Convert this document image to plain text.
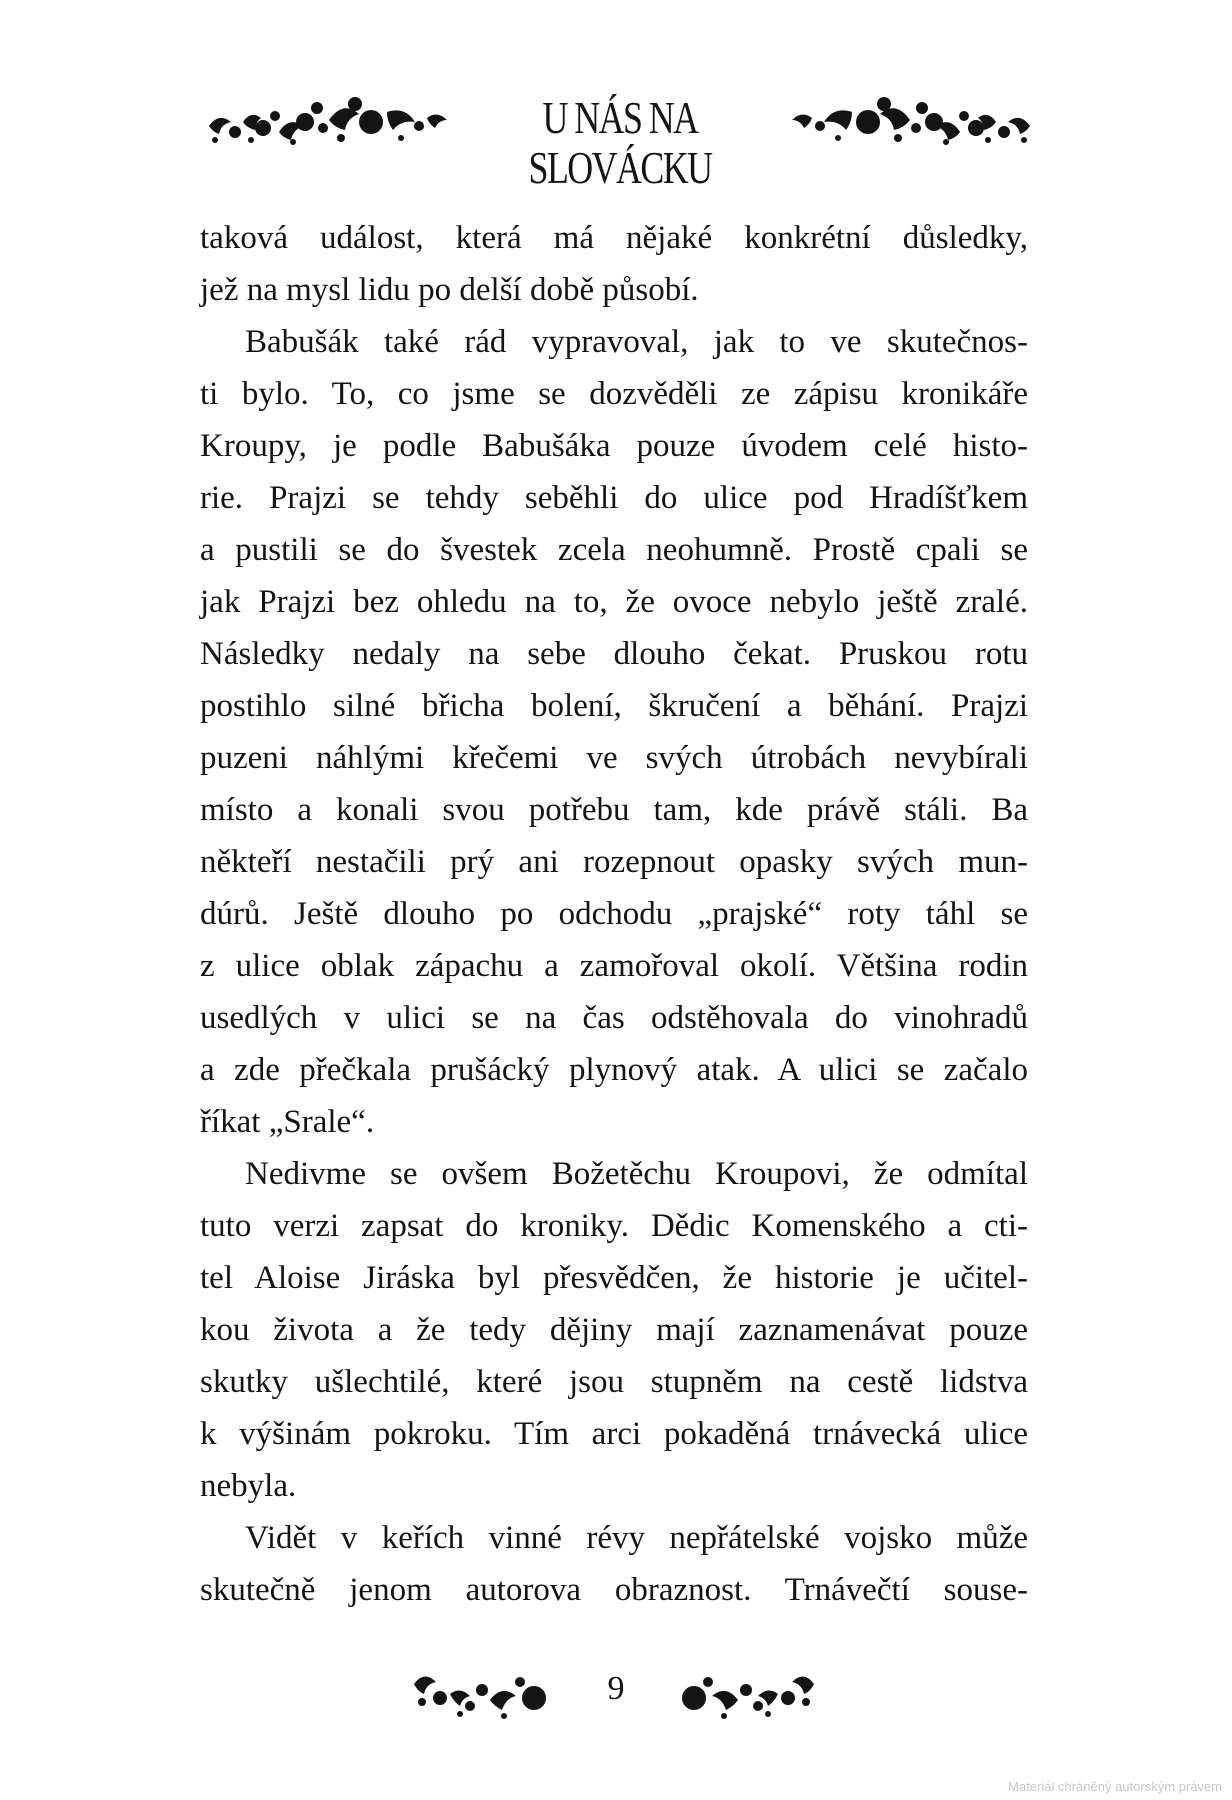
U NÁS NA SLOVÁCKU

taková událost, která má nějaké konkrétní důsledky,
jež na mysl lidu po delší době působí.

Babušák také rád vypravoval, jak to ve skutečnos-
ti bylo. To, co jsme se dozvěděli ze zápisu kronikáře
Kroupy, je podle Babušáka pouze úvodem celé histo-
rie. Prajzi se tehdy seběhli do ulice pod Hradíšťkem
a pustili se do švestek zcela neohumně. Prostě cpali se
jak Prajzi bez ohledu na to, že ovoce nebylo ještě zralé.
Následky nedaly na sebe dlouho čekat. Pruskou rotu
postihlo silné břicha bolení, škručení a běhání. Prajzi
puzeni náhlými křečemi ve svých útrobách nevybírali
místo a konali svou potřebu tam, kde právě stáli. Ba
někteří nestačili prý ani rozepnout opasky svých mun-
dúrů. Ještě dlouho po odchodu „prajské“ roty táhl se
z ulice oblak zápachu a zamořoval okolí. Většina rodin
usedlých v ulici se na čas odstěhovala do vinohradů
a zde přečkala prušácký plynový atak. A ulici se začalo
říkat „Srale“.

Nedivme se ovšem Božetěchu Kroupovi, že odmítal
tuto verzi zapsat do kroniky. Dědic Komenského a cti-
tel Aloise Jiráska byl přesvědčen, že historie je učitel-
kou života a že tedy dějiny mají zaznamenávat pouze
skutky ušlechtilé, které jsou stupněm na cestě lidstva
k výšinám pokroku. Tím arci pokaděná trnávecká ulice
nebyla.

Vidět v keřích vinné révy nepřátelské vojsko může
skutečně jenom autorova obraznost. Trnávečtí souse-

9
Materiál chráněný autorským právem
